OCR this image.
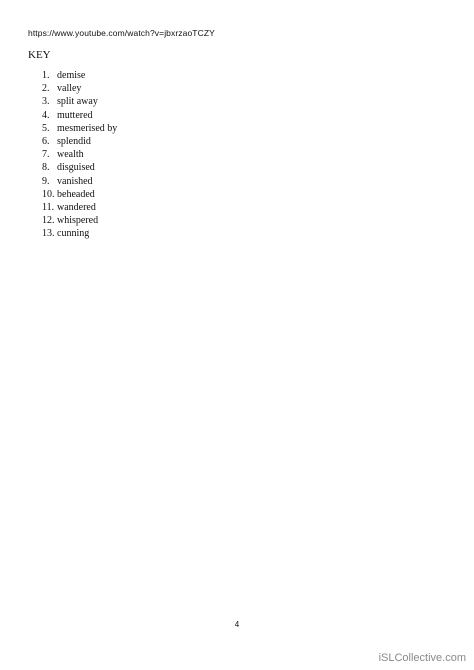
https://www.youtube.com/watch?v=jbxrzaoTCZY
KEY
1. demise
2. valley
3. split away
4. muttered
5. mesmerised by
6. splendid
7. wealth
8. disguised
9. vanished
10. beheaded
11. wandered
12. whispered
13. cunning
4
iSLCollective.com
